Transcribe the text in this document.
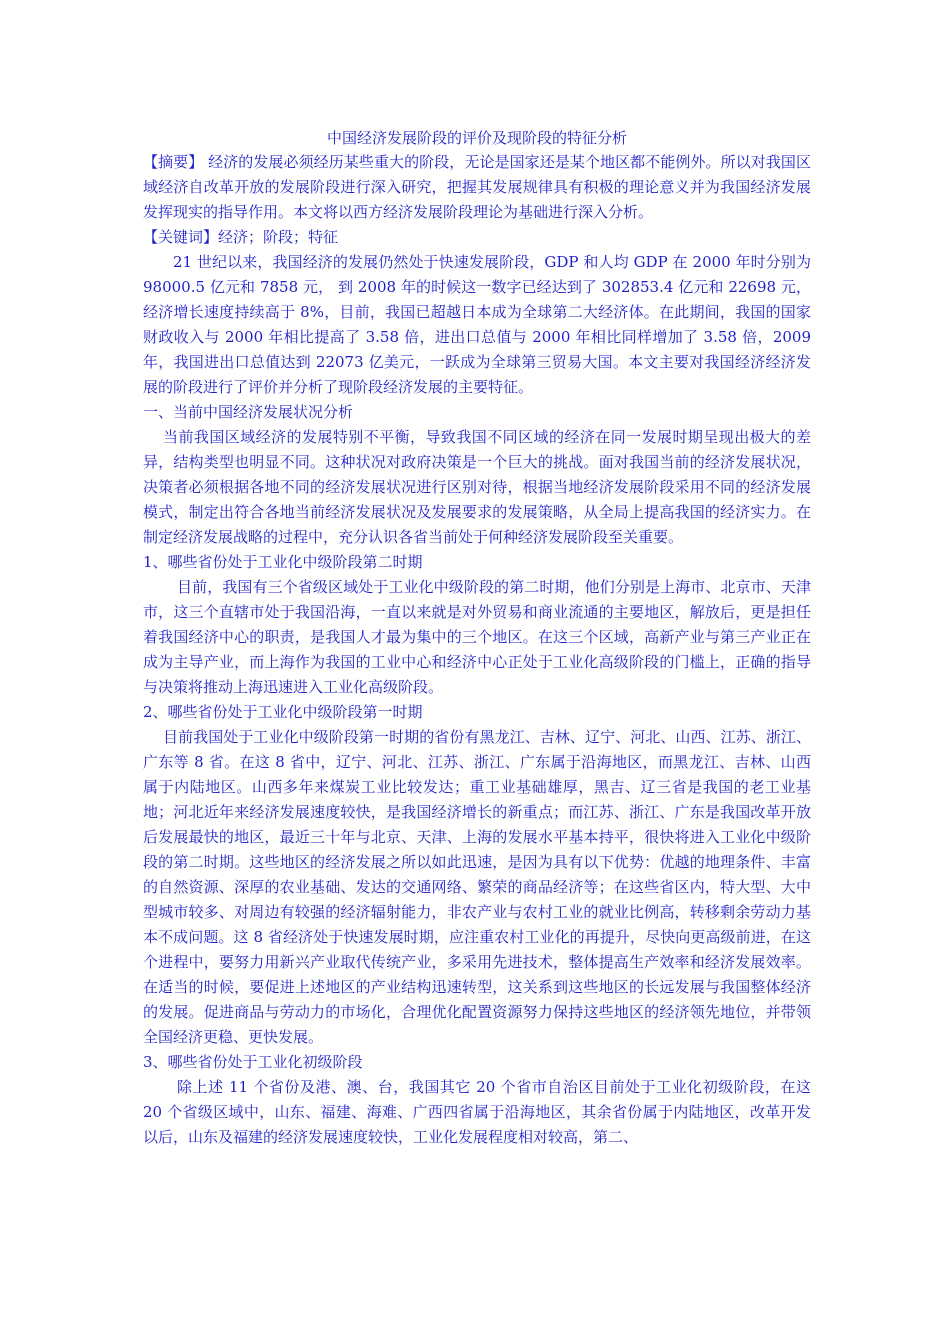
中国经济发展阶段的评价及现阶段的特征分析

【摘要】 经济的发展必须经历某些重大的阶段，无论是国家还是某个地区都不能例外。所以对我国区域经济自改革开放的发展阶段进行深入研究，把握其发展规律具有积极的理论意义并为我国经济发展发挥现实的指导作用。本文将以西方经济发展阶段理论为基础进行深入分析。

【关键词】经济；阶段；特征

21 世纪以来，我国经济的发展仍然处于快速发展阶段，GDP 和人均 GDP 在 2000 年时分别为 98000.5 亿元和 7858 元， 到 2008 年的时候这一数字已经达到了 302853.4 亿元和 22698 元，经济增长速度持续高于 8%，目前，我国已超越日本成为全球第二大经济体。在此期间，我国的国家财政收入与 2000 年相比提高了 3.58 倍，进出口总值与 2000 年相比同样增加了 3.58 倍，2009 年，我国进出口总值达到 22073 亿美元，一跃成为全球第三贸易大国。本文主要对我国经济经济发展的阶段进行了评价并分析了现阶段经济发展的主要特征。

一、当前中国经济发展状况分析

当前我国区域经济的发展特别不平衡，导致我国不同区域的经济在同一发展时期呈现出极大的差异，结构类型也明显不同。这种状况对政府决策是一个巨大的挑战。面对我国当前的经济发展状况，决策者必须根据各地不同的经济发展状况进行区别对待，根据当地经济发展阶段采用不同的经济发展模式，制定出符合各地当前经济发展状况及发展要求的发展策略，从全局上提高我国的经济实力。在制定经济发展战略的过程中，充分认识各省当前处于何种经济发展阶段至关重要。

1、哪些省份处于工业化中级阶段第二时期

目前，我国有三个省级区域处于工业化中级阶段的第二时期，他们分别是上海市、北京市、天津市，这三个直辖市处于我国沿海，一直以来就是对外贸易和商业流通的主要地区，解放后，更是担任着我国经济中心的职责，是我国人才最为集中的三个地区。在这三个区域，高新产业与第三产业正在成为主导产业，而上海作为我国的工业中心和经济中心正处于工业化高级阶段的门槛上，正确的指导与决策将推动上海迅速进入工业化高级阶段。

2、哪些省份处于工业化中级阶段第一时期

目前我国处于工业化中级阶段第一时期的省份有黑龙江、吉林、辽宁、河北、山西、江苏、浙江、广东等 8 省。在这 8 省中，辽宁、河北、江苏、浙江、广东属于沿海地区，而黑龙江、吉林、山西属于内陆地区。山西多年来煤炭工业比较发达；重工业基础雄厚，黑吉、辽三省是我国的老工业基地；河北近年来经济发展速度较快，是我国经济增长的新重点；而江苏、浙江、广东是我国改革开放后发展最快的地区，最近三十年与北京、天津、上海的发展水平基本持平，很快将进入工业化中级阶段的第二时期。这些地区的经济发展之所以如此迅速，是因为具有以下优势：优越的地理条件、丰富的自然资源、深厚的农业基础、发达的交通网络、繁荣的商品经济等；在这些省区内，特大型、大中型城市较多、对周边有较强的经济辐射能力，非农产业与农村工业的就业比例高，转移剩余劳动力基本不成问题。这 8 省经济处于快速发展时期，应注重农村工业化的再提升，尽快向更高级前进，在这个进程中，要努力用新兴产业取代传统产业，多采用先进技术，整体提高生产效率和经济发展效率。在适当的时候，要促进上述地区的产业结构迅速转型，这关系到这些地区的长远发展与我国整体经济的发展。促进商品与劳动力的市场化，合理优化配置资源努力保持这些地区的经济领先地位，并带领全国经济更稳、更快发展。

3、哪些省份处于工业化初级阶段

除上述 11 个省份及港、澳、台，我国其它 20 个省市自治区目前处于工业化初级阶段，在这 20 个省级区域中，山东、福建、海难、广西四省属于沿海地区，其余省份属于内陆地区，改革开发以后，山东及福建的经济发展速度较快，工业化发展程度相对较高，第二、
